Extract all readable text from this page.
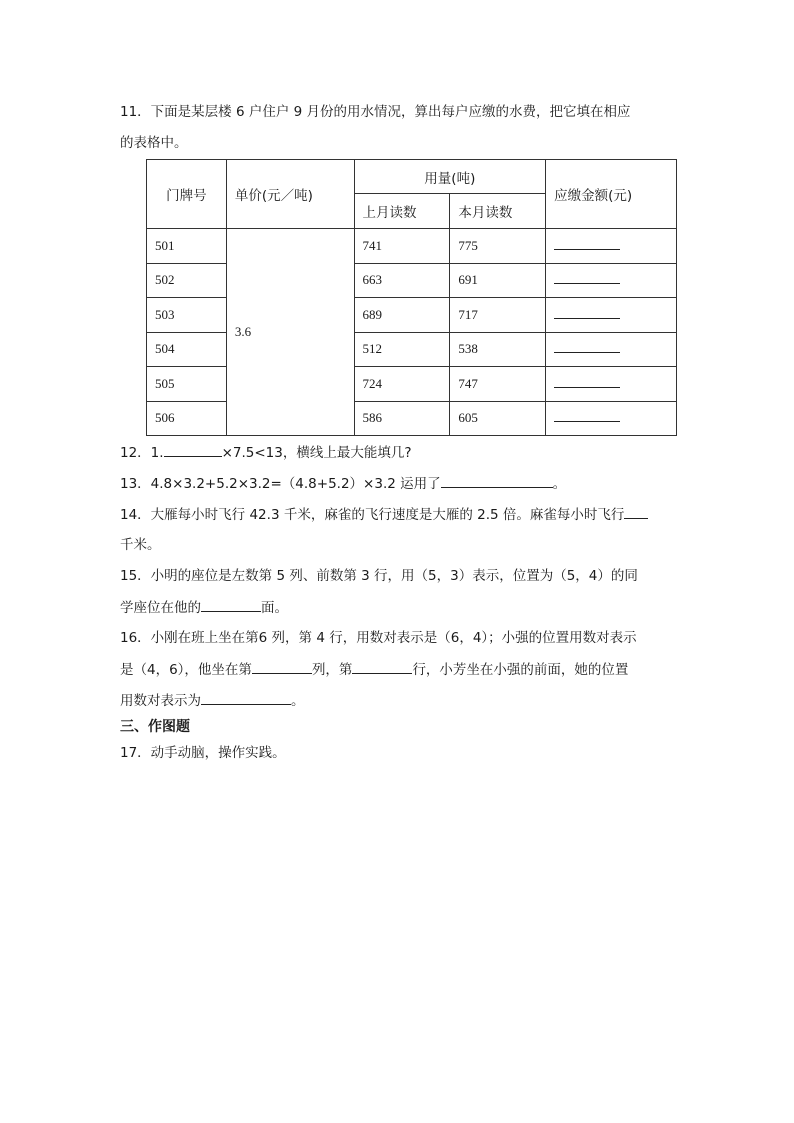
11．下面是某层楼 6 户住户 9 月份的用水情况，算出每户应缴的水费，把它填在相应
的表格中。
门牌号	单价(元／吨)	用量(吨)		应缴金额(元)
		上月读数	本月读数	
501	3.6	741	775	
502		663	691	
503		689	717	
504		512	538	
505		724	747	
506		586	605	
12．1.	×7.5<13，横线上最大能填几?
13．4.8×3.2+5.2×3.2=（4.8+5.2）×3.2 运用了	。
14．大雁每小时飞行 42.3 千米，麻雀的飞行速度是大雁的 2.5 倍。麻雀每小时飞行
千米。
15．小明的座位是左数第 5 列、前数第 3 行，用（5，3）表示，位置为（5，4）的同
学座位在他的	面。
16．小刚在班上坐在第6 列，第 4 行，用数对表示是（6，4）；小强的位置用数对表示
是（4，6），他坐在第	列，第	行，小芳坐在小强的前面，她的位置
用数对表示为	。
三、作图题
17．动手动脑，操作实践。
